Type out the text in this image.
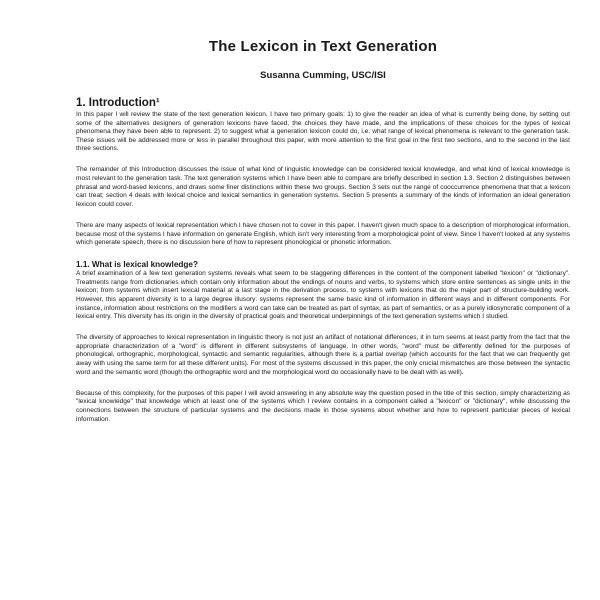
The Lexicon in Text Generation
Susanna Cumming, USC/ISI
1. Introduction¹

In this paper I will review the state of the text generation lexicon. I have two primary goals: 1) to give the reader an idea of what is currently being done, by setting out some of the alternatives designers of generation lexicons have faced, the choices they have made, and the implications of these choices for the types of lexical phenomena they have been able to represent. 2) to suggest what a generation lexicon could do, i.e. what range of lexical phenomena is relevant to the generation task. These issues will be addressed more or less in parallel throughout this paper, with more attention to the first goal in the first two sections, and to the second in the last three sections.

The remainder of this Introduction discusses the issue of what kind of linguistic knowledge can be considered lexical knowledge, and what kind of lexical knowledge is most relevant to the generation task. The text generation systems which I have been able to compare are briefly described in section 1.3. Section 2 distinguishes between phrasal and word-based lexicons, and draws some finer distinctions within these two groups. Section 3 sets out the range of cooccurrence phenomena that that a lexicon can treat; section 4 deals with lexical choice and lexical semantics in generation systems. Section 5 presents a summary of the kinds of information an ideal generation lexicon could cover.

There are many aspects of lexical representation which I have chosen not to cover in this paper. I haven't given much space to a description of morphological information, because most of the systems I have information on generate English, which isn't very interesting from a morphological point of view. Since I haven't looked at any systems which generate speech, there is no discussion here of how to represent phonological or phonetic information.

1.1. What is lexical knowledge?

A brief examination of a few text generation systems reveals what seem to be staggering differences in the content of the component labelled "lexicon" or "dictionary". Treatments range from dictionaries which contain only information about the endings of nouns and verbs, to systems which store entire sentences as single units in the lexicon; from systems which insert lexical material at a last stage in the derivation process, to systems with lexicons that do the major part of structure-building work. However, this apparent diversity is to a large degree illusory: systems represent the same basic kind of information in different ways and in different components. For instance, information about restrictions on the modifiers a word can take can be treated as part of syntax, as part of semantics, or as a purely idiosyncratic component of a lexical entry. This diversity has its origin in the diversity of practical goals and theoretical underpinnings of the text generation systems which I studied.

The diversity of approaches to lexical representation in linguistic theory is not just an artifact of notational differences, it in turn seems at least partly from the fact that the appropriate characterization of a "word" is different in different subsystems of language. In other words, "word" must be differently defined for the purposes of phonological, orthographic, morphological, syntactic and semantic regularities, although there is a partial overlap (which accounts for the fact that we can frequently get away with using the same term for all these different units). For most of the systems discussed in this paper, the only crucial mismatches are those between the syntactic word and the semantic word (though the orthographic word and the morphological word do occasionally have to be dealt with as well).

Because of this complexity, for the purposes of this paper I will avoid answering in any absolute way the question posed in the title of this section, simply characterizing as "lexical knowledge" that knowledge which at least one of the systems which I review contains in a component called a "lexicon" or "dictionary", while discussing the connections between the structure of particular systems and the decisions made in those systems about whether and how to represent particular pieces of lexical information.
